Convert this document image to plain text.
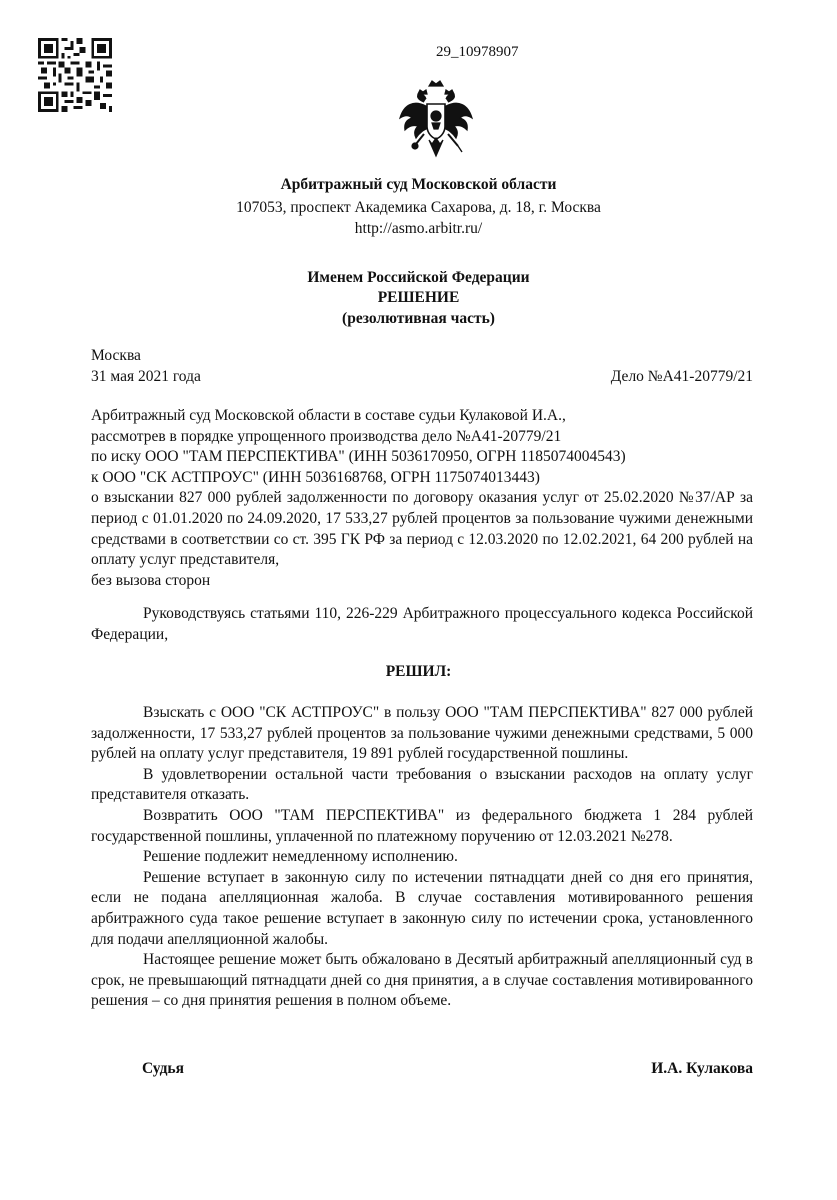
29_10978907
Арбитражный суд Московской области
107053, проспект Академика Сахарова, д. 18, г. Москва
http://asmo.arbitr.ru/
Именем Российской Федерации
РЕШЕНИЕ
(резолютивная часть)
Москва
31 мая 2021 года	Дело №А41-20779/21

Арбитражный суд Московской области в составе судьи Кулаковой И.А.,

рассмотрев в порядке упрощенного производства дело №А41-20779/21

по иску ООО "ТАМ ПЕРСПЕКТИВА" (ИНН 5036170950, ОГРН 1185074004543)

к ООО "СК АСТПРОУС" (ИНН 5036168768, ОГРН 1175074013443)

о взыскании 827 000 рублей задолженности по договору оказания услуг от 25.02.2020 №37/АР за период с 01.01.2020 по 24.09.2020, 17 533,27 рублей процентов за пользование чужими денежными средствами в соответствии со ст. 395 ГК РФ за период с 12.03.2020 по 12.02.2021, 64 200 рублей на оплату услуг представителя,

без вызова сторон

Руководствуясь статьями 110, 226-229 Арбитражного процессуального кодекса Российской Федерации,

РЕШИЛ:

Взыскать с ООО "СК АСТПРОУС" в пользу ООО "ТАМ ПЕРСПЕКТИВА" 827 000 рублей задолженности, 17 533,27 рублей процентов за пользование чужими денежными средствами, 5 000 рублей на оплату услуг представителя, 19 891 рублей государственной пошлины.

В удовлетворении остальной части требования о взыскании расходов на оплату услуг представителя отказать.

Возвратить ООО "ТАМ ПЕРСПЕКТИВА" из федерального бюджета 1 284 рублей государственной пошлины, уплаченной по платежному поручению от 12.03.2021 №278.

Решение подлежит немедленному исполнению.

Решение вступает в законную силу по истечении пятнадцати дней со дня его принятия, если не подана апелляционная жалоба. В случае составления мотивированного решения арбитражного суда такое решение вступает в законную силу по истечении срока, установленного для подачи апелляционной жалобы.

Настоящее решение может быть обжаловано в Десятый арбитражный апелляционный суд в срок, не превышающий пятнадцати дней со дня принятия, а в случае составления мотивированного решения – со дня принятия решения в полном объеме.

Судья	И.А. Кулакова
